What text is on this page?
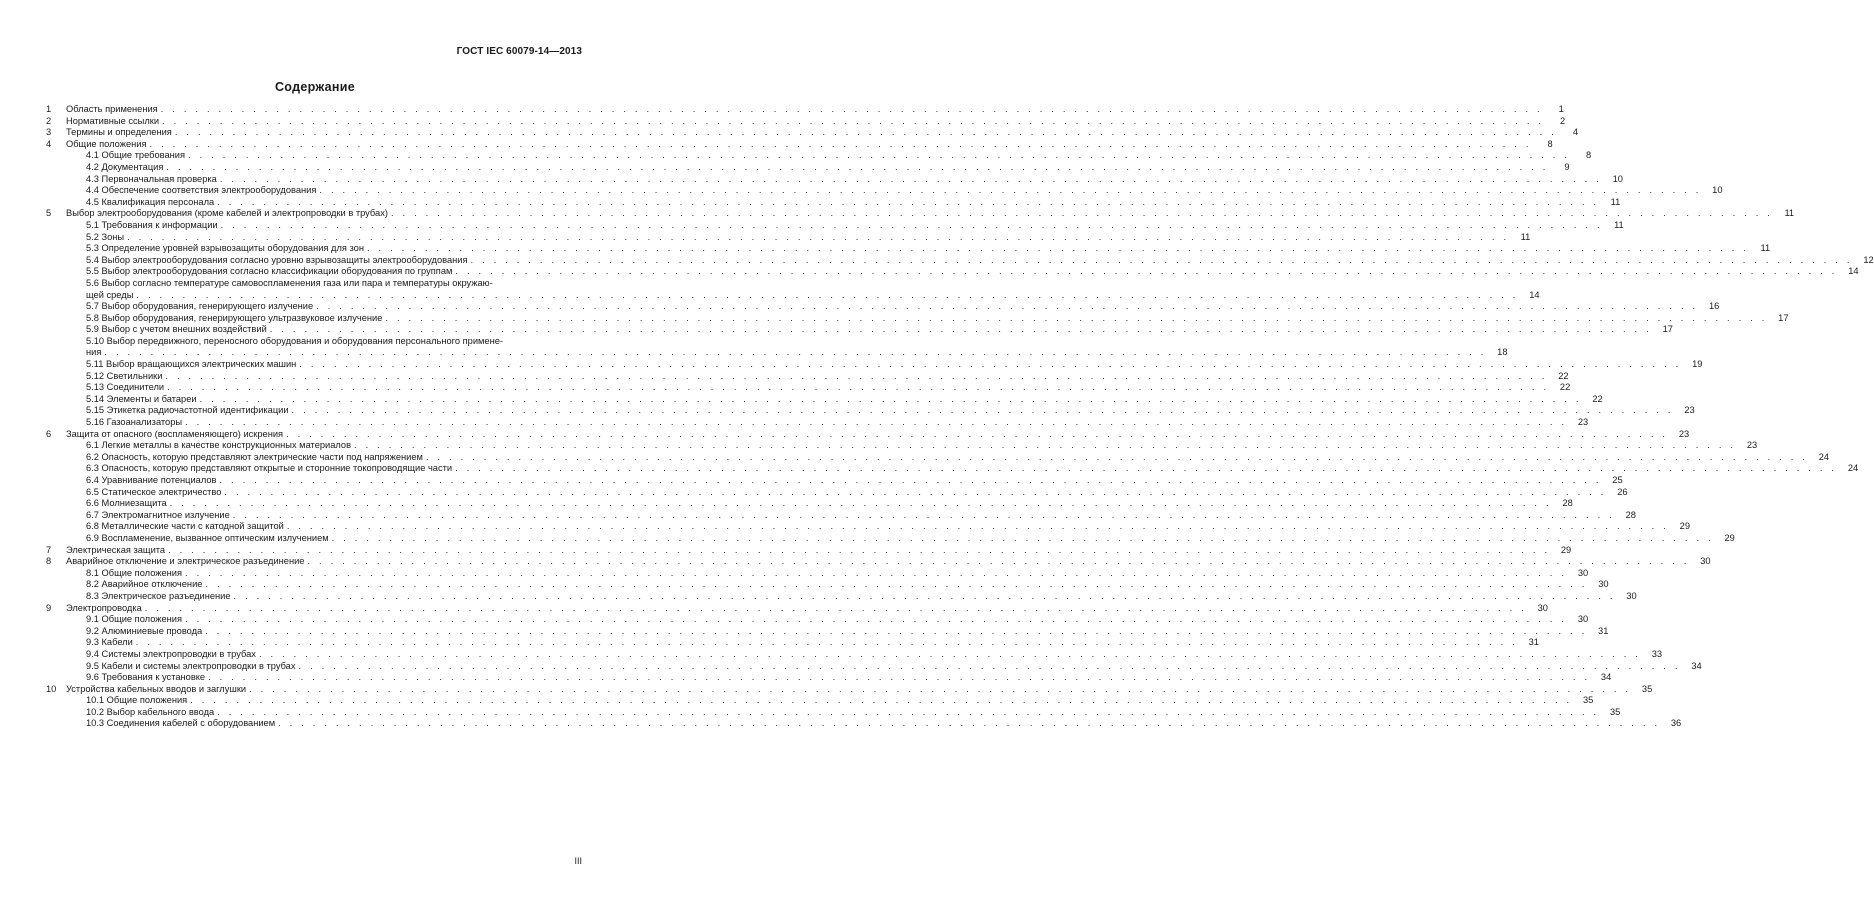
ГОСТ IEC 60079-14—2013
Содержание
1	Область применения . . . . . . . . . . . . . . . . . . . . . . . . . . . . . . . . . . . . . . . . . . . . . . . . . . . . . . . . . . . . . . . . . . . . . . . . . . . . . . . . . . . . . . . . . . . . . . . . . . . . . . . . . . . . . . . . . . . . . . . .	1
2	Нормативные ссылки . . . . . . . . . . . . . . . . . . . . . . . . . . . . . . . . . . . . . . . . . . . . . . . . . . . . . . . . . . . . . . . . . . . . . . . . . . . . . . . . . . . . . . . . . . . . . . . . . . . . . . . . . . . . . . . . . . . . . . . .	2
3	Термины и определения . . . . . . . . . . . . . . . . . . . . . . . . . . . . . . . . . . . . . . . . . . . . . . . . . . . . . . . . . . . . . . . . . . . . . . . . . . . . . . . . . . . . . . . . . . . . . . . . . . . . . . . . . . . . . . . . . . . . . . . .	4
4	Общие положения . . . . . . . . . . . . . . . . . . . . . . . . . . . . . . . . . . . . . . . . . . . . . . . . . . . . . . . . . . . . . . . . . . . . . . . . . . . . . . . . . . . . . . . . . . . . . . . . . . . . . . . . . . . . . . . . . . . . . . . .	8
4.1 Общие требования . . . . . . . . . . . . . . . . . . . . . . . . . . . . . . . . . . . . . . . . . . . . . . . . . . . . . . . . . . . . . . . . . . . . . . . . . . . . . . . . . . . . . . . . . . . . . . . . . . . . . . . . . . . . . . . . . . . . . . . .	8
4.2 Документация . . . . . . . . . . . . . . . . . . . . . . . . . . . . . . . . . . . . . . . . . . . . . . . . . . . . . . . . . . . . . . . . . . . . . . . . . . . . . . . . . . . . . . . . . . . . . . . . . . . . . . . . . . . . . . . . . . . . . . . .	9
4.3 Первоначальная проверка . . . . . . . . . . . . . . . . . . . . . . . . . . . . . . . . . . . . . . . . . . . . . . . . . . . . . . . . . . . . . . . . . . . . . . . . . . . . . . . . . . . . . . . . . . . . . . . . . . . . . . . . . . . . . . . . . . . . . . . .	10
4.4 Обеспечение соответствия электрооборудования . . . . . . . . . . . . . . . . . . . . . . . . . . . . . . . . . . . . . . . . . . . . . . . . . . . . . . . . . . . . . . . . . . . . . . . . . . . . . . . . . . . . . . . . . . . . . . . . . . . . . . . . . . . . . . . . . . . . . . . .	10
4.5 Квалификация персонала . . . . . . . . . . . . . . . . . . . . . . . . . . . . . . . . . . . . . . . . . . . . . . . . . . . . . . . . . . . . . . . . . . . . . . . . . . . . . . . . . . . . . . . . . . . . . . . . . . . . . . . . . . . . . . . . . . . . . . . .	11
5	Выбор электрооборудования (кроме кабелей и электропроводки в трубах) . . . . . . . . . . . . . . . . . . . . . . . . . . . . . . . . . . . . . . . . . . . . . . . . . . . . . . . . . . . . . . . . . . . . . . . . . . . . . . . . . . . . . . . . . . . . . . . . . . . . . . . . . . . . . . . . . . . . . . . .	11
5.1 Требования к информации . . . . . . . . . . . . . . . . . . . . . . . . . . . . . . . . . . . . . . . . . . . . . . . . . . . . . . . . . . . . . . . . . . . . . . . . . . . . . . . . . . . . . . . . . . . . . . . . . . . . . . . . . . . . . . . . . . . . . . . .	11
5.2 Зоны . . . . . . . . . . . . . . . . . . . . . . . . . . . . . . . . . . . . . . . . . . . . . . . . . . . . . . . . . . . . . . . . . . . . . . . . . . . . . . . . . . . . . . . . . . . . . . . . . . . . . . . . . . . . . . . . . . . . . . . .	11
5.3 Определение уровней взрывозащиты оборудования для зон . . . . . . . . . . . . . . . . . . . . . . . . . . . . . . . . . . . . . . . . . . . . . . . . . . . . . . . . . . . . . . . . . . . . . . . . . . . . . . . . . . . . . . . . . . . . . . . . . . . . . . . . . . . . . . . . . . . . . . . .	11
5.4 Выбор электрооборудования согласно уровню взрывозащиты электрооборудования . . . . . . . . . . . . . . . . . . . . . . . . . . . . . . . . . . . . . . . . . . . . . . . . . . . . . . . . . . . . . . . . . . . . . . . . . . . . . . . . . . . . . . . . . . . . . . . . . . . . . . . . . . . . . . . . . . . . . . . .	12
5.5 Выбор электрооборудования согласно классификации оборудования по группам . . . . . . . . . . . . . . . . . . . . . . . . . . . . . . . . . . . . . . . . . . . . . . . . . . . . . . . . . . . . . . . . . . . . . . . . . . . . . . . . . . . . . . . . . . . . . . . . . . . . . . . . . . . . . . . . . . . . . . . .	14
5.6 Выбор согласно температуре самовоспламенения газа или пара и температуры окружаю-
щей среды . . . . . . . . . . . . . . . . . . . . . . . . . . . . . . . . . . . . . . . . . . . . . . . . . . . . . . . . . . . . . . . . . . . . . . . . . . . . . . . . . . . . . . . . . . . . . . . . . . . . . . . . . . . . . . . . . . . . . . . .	14
5.7 Выбор оборудования, генерирующего излучение . . . . . . . . . . . . . . . . . . . . . . . . . . . . . . . . . . . . . . . . . . . . . . . . . . . . . . . . . . . . . . . . . . . . . . . . . . . . . . . . . . . . . . . . . . . . . . . . . . . . . . . . . . . . . . . . . . . . . . . .	16
5.8 Выбор оборудования, генерирующего ультразвуковое излучение . . . . . . . . . . . . . . . . . . . . . . . . . . . . . . . . . . . . . . . . . . . . . . . . . . . . . . . . . . . . . . . . . . . . . . . . . . . . . . . . . . . . . . . . . . . . . . . . . . . . . . . . . . . . . . . . . . . . . . . .	17
5.9 Выбор с учетом внешних воздействий . . . . . . . . . . . . . . . . . . . . . . . . . . . . . . . . . . . . . . . . . . . . . . . . . . . . . . . . . . . . . . . . . . . . . . . . . . . . . . . . . . . . . . . . . . . . . . . . . . . . . . . . . . . . . . . . . . . . . . . .	17
5.10 Выбор передвижного, переносного оборудования и оборудования персонального примене-
ния . . . . . . . . . . . . . . . . . . . . . . . . . . . . . . . . . . . . . . . . . . . . . . . . . . . . . . . . . . . . . . . . . . . . . . . . . . . . . . . . . . . . . . . . . . . . . . . . . . . . . . . . . . . . . . . . . . . . . . . .	18
5.11 Выбор вращающихся электрических машин . . . . . . . . . . . . . . . . . . . . . . . . . . . . . . . . . . . . . . . . . . . . . . . . . . . . . . . . . . . . . . . . . . . . . . . . . . . . . . . . . . . . . . . . . . . . . . . . . . . . . . . . . . . . . . . . . . . . . . . .	19
5.12 Светильники . . . . . . . . . . . . . . . . . . . . . . . . . . . . . . . . . . . . . . . . . . . . . . . . . . . . . . . . . . . . . . . . . . . . . . . . . . . . . . . . . . . . . . . . . . . . . . . . . . . . . . . . . . . . . . . . . . . . . . . .	22
5.13 Соединители . . . . . . . . . . . . . . . . . . . . . . . . . . . . . . . . . . . . . . . . . . . . . . . . . . . . . . . . . . . . . . . . . . . . . . . . . . . . . . . . . . . . . . . . . . . . . . . . . . . . . . . . . . . . . . . . . . . . . . . .	22
5.14 Элементы и батареи . . . . . . . . . . . . . . . . . . . . . . . . . . . . . . . . . . . . . . . . . . . . . . . . . . . . . . . . . . . . . . . . . . . . . . . . . . . . . . . . . . . . . . . . . . . . . . . . . . . . . . . . . . . . . . . . . . . . . . . .	22
5.15 Этикетка радиочастотной идентификации . . . . . . . . . . . . . . . . . . . . . . . . . . . . . . . . . . . . . . . . . . . . . . . . . . . . . . . . . . . . . . . . . . . . . . . . . . . . . . . . . . . . . . . . . . . . . . . . . . . . . . . . . . . . . . . . . . . . . . . .	23
5.16 Газоанализаторы . . . . . . . . . . . . . . . . . . . . . . . . . . . . . . . . . . . . . . . . . . . . . . . . . . . . . . . . . . . . . . . . . . . . . . . . . . . . . . . . . . . . . . . . . . . . . . . . . . . . . . . . . . . . . . . . . . . . . . . .	23
6	Защита от опасного (воспламеняющего) искрения . . . . . . . . . . . . . . . . . . . . . . . . . . . . . . . . . . . . . . . . . . . . . . . . . . . . . . . . . . . . . . . . . . . . . . . . . . . . . . . . . . . . . . . . . . . . . . . . . . . . . . . . . . . . . . . . . . . . . . . .	23
6.1 Легкие металлы в качестве конструкционных материалов . . . . . . . . . . . . . . . . . . . . . . . . . . . . . . . . . . . . . . . . . . . . . . . . . . . . . . . . . . . . . . . . . . . . . . . . . . . . . . . . . . . . . . . . . . . . . . . . . . . . . . . . . . . . . . . . . . . . . . . .	23
6.2 Опасность, которую представляют электрические части под напряжением . . . . . . . . . . . . . . . . . . . . . . . . . . . . . . . . . . . . . . . . . . . . . . . . . . . . . . . . . . . . . . . . . . . . . . . . . . . . . . . . . . . . . . . . . . . . . . . . . . . . . . . . . . . . . . . . . . . . . . . .	24
6.3 Опасность, которую представляют открытые и сторонние токопроводящие части . . . . . . . . . . . . . . . . . . . . . . . . . . . . . . . . . . . . . . . . . . . . . . . . . . . . . . . . . . . . . . . . . . . . . . . . . . . . . . . . . . . . . . . . . . . . . . . . . . . . . . . . . . . . . . . . . . . . . . . .	24
6.4 Уравнивание потенциалов . . . . . . . . . . . . . . . . . . . . . . . . . . . . . . . . . . . . . . . . . . . . . . . . . . . . . . . . . . . . . . . . . . . . . . . . . . . . . . . . . . . . . . . . . . . . . . . . . . . . . . . . . . . . . . . . . . . . . . . .	25
6.5 Статическое электричество . . . . . . . . . . . . . . . . . . . . . . . . . . . . . . . . . . . . . . . . . . . . . . . . . . . . . . . . . . . . . . . . . . . . . . . . . . . . . . . . . . . . . . . . . . . . . . . . . . . . . . . . . . . . . . . . . . . . . . . .	26
6.6 Молниезащита . . . . . . . . . . . . . . . . . . . . . . . . . . . . . . . . . . . . . . . . . . . . . . . . . . . . . . . . . . . . . . . . . . . . . . . . . . . . . . . . . . . . . . . . . . . . . . . . . . . . . . . . . . . . . . . . . . . . . . . .	28
6.7 Электромагнитное излучение . . . . . . . . . . . . . . . . . . . . . . . . . . . . . . . . . . . . . . . . . . . . . . . . . . . . . . . . . . . . . . . . . . . . . . . . . . . . . . . . . . . . . . . . . . . . . . . . . . . . . . . . . . . . . . . . . . . . . . . .	28
6.8 Металлические части с катодной защитой . . . . . . . . . . . . . . . . . . . . . . . . . . . . . . . . . . . . . . . . . . . . . . . . . . . . . . . . . . . . . . . . . . . . . . . . . . . . . . . . . . . . . . . . . . . . . . . . . . . . . . . . . . . . . . . . . . . . . . . .	29
6.9 Воспламенение, вызванное оптическим излучением . . . . . . . . . . . . . . . . . . . . . . . . . . . . . . . . . . . . . . . . . . . . . . . . . . . . . . . . . . . . . . . . . . . . . . . . . . . . . . . . . . . . . . . . . . . . . . . . . . . . . . . . . . . . . . . . . . . . . . . .	29
7	Электрическая защита . . . . . . . . . . . . . . . . . . . . . . . . . . . . . . . . . . . . . . . . . . . . . . . . . . . . . . . . . . . . . . . . . . . . . . . . . . . . . . . . . . . . . . . . . . . . . . . . . . . . . . . . . . . . . . . . . . . . . . . .	29
8	Аварийное отключение и электрическое разъединение . . . . . . . . . . . . . . . . . . . . . . . . . . . . . . . . . . . . . . . . . . . . . . . . . . . . . . . . . . . . . . . . . . . . . . . . . . . . . . . . . . . . . . . . . . . . . . . . . . . . . . . . . . . . . . . . . . . . . . . .	30
8.1 Общие положения . . . . . . . . . . . . . . . . . . . . . . . . . . . . . . . . . . . . . . . . . . . . . . . . . . . . . . . . . . . . . . . . . . . . . . . . . . . . . . . . . . . . . . . . . . . . . . . . . . . . . . . . . . . . . . . . . . . . . . . .	30
8.2 Аварийное отключение . . . . . . . . . . . . . . . . . . . . . . . . . . . . . . . . . . . . . . . . . . . . . . . . . . . . . . . . . . . . . . . . . . . . . . . . . . . . . . . . . . . . . . . . . . . . . . . . . . . . . . . . . . . . . . . . . . . . . . . .	30
8.3 Электрическое разъединение . . . . . . . . . . . . . . . . . . . . . . . . . . . . . . . . . . . . . . . . . . . . . . . . . . . . . . . . . . . . . . . . . . . . . . . . . . . . . . . . . . . . . . . . . . . . . . . . . . . . . . . . . . . . . . . . . . . . . . . .	30
9	Электропроводка . . . . . . . . . . . . . . . . . . . . . . . . . . . . . . . . . . . . . . . . . . . . . . . . . . . . . . . . . . . . . . . . . . . . . . . . . . . . . . . . . . . . . . . . . . . . . . . . . . . . . . . . . . . . . . . . . . . . . . . .	30
9.1 Общие положения . . . . . . . . . . . . . . . . . . . . . . . . . . . . . . . . . . . . . . . . . . . . . . . . . . . . . . . . . . . . . . . . . . . . . . . . . . . . . . . . . . . . . . . . . . . . . . . . . . . . . . . . . . . . . . . . . . . . . . . .	30
9.2 Алюминиевые провода . . . . . . . . . . . . . . . . . . . . . . . . . . . . . . . . . . . . . . . . . . . . . . . . . . . . . . . . . . . . . . . . . . . . . . . . . . . . . . . . . . . . . . . . . . . . . . . . . . . . . . . . . . . . . . . . . . . . . . . .	31
9.3 Кабели . . . . . . . . . . . . . . . . . . . . . . . . . . . . . . . . . . . . . . . . . . . . . . . . . . . . . . . . . . . . . . . . . . . . . . . . . . . . . . . . . . . . . . . . . . . . . . . . . . . . . . . . . . . . . . . . . . . . . . . .	31
9.4 Системы электропроводки в трубах . . . . . . . . . . . . . . . . . . . . . . . . . . . . . . . . . . . . . . . . . . . . . . . . . . . . . . . . . . . . . . . . . . . . . . . . . . . . . . . . . . . . . . . . . . . . . . . . . . . . . . . . . . . . . . . . . . . . . . . .	33
9.5 Кабели и системы электропроводки в трубах . . . . . . . . . . . . . . . . . . . . . . . . . . . . . . . . . . . . . . . . . . . . . . . . . . . . . . . . . . . . . . . . . . . . . . . . . . . . . . . . . . . . . . . . . . . . . . . . . . . . . . . . . . . . . . . . . . . . . . . .	34
9.6 Требования к установке . . . . . . . . . . . . . . . . . . . . . . . . . . . . . . . . . . . . . . . . . . . . . . . . . . . . . . . . . . . . . . . . . . . . . . . . . . . . . . . . . . . . . . . . . . . . . . . . . . . . . . . . . . . . . . . . . . . . . . . .	34
10	Устройства кабельных вводов и заглушки . . . . . . . . . . . . . . . . . . . . . . . . . . . . . . . . . . . . . . . . . . . . . . . . . . . . . . . . . . . . . . . . . . . . . . . . . . . . . . . . . . . . . . . . . . . . . . . . . . . . . . . . . . . . . . . . . . . . . . . .	35
10.1 Общие положения . . . . . . . . . . . . . . . . . . . . . . . . . . . . . . . . . . . . . . . . . . . . . . . . . . . . . . . . . . . . . . . . . . . . . . . . . . . . . . . . . . . . . . . . . . . . . . . . . . . . . . . . . . . . . . . . . . . . . . . .	35
10.2 Выбор кабельного ввода . . . . . . . . . . . . . . . . . . . . . . . . . . . . . . . . . . . . . . . . . . . . . . . . . . . . . . . . . . . . . . . . . . . . . . . . . . . . . . . . . . . . . . . . . . . . . . . . . . . . . . . . . . . . . . . . . . . . . . . .	35
10.3 Соединения кабелей с оборудованием . . . . . . . . . . . . . . . . . . . . . . . . . . . . . . . . . . . . . . . . . . . . . . . . . . . . . . . . . . . . . . . . . . . . . . . . . . . . . . . . . . . . . . . . . . . . . . . . . . . . . . . . . . . . . . . . . . . . . . . .	36
III
